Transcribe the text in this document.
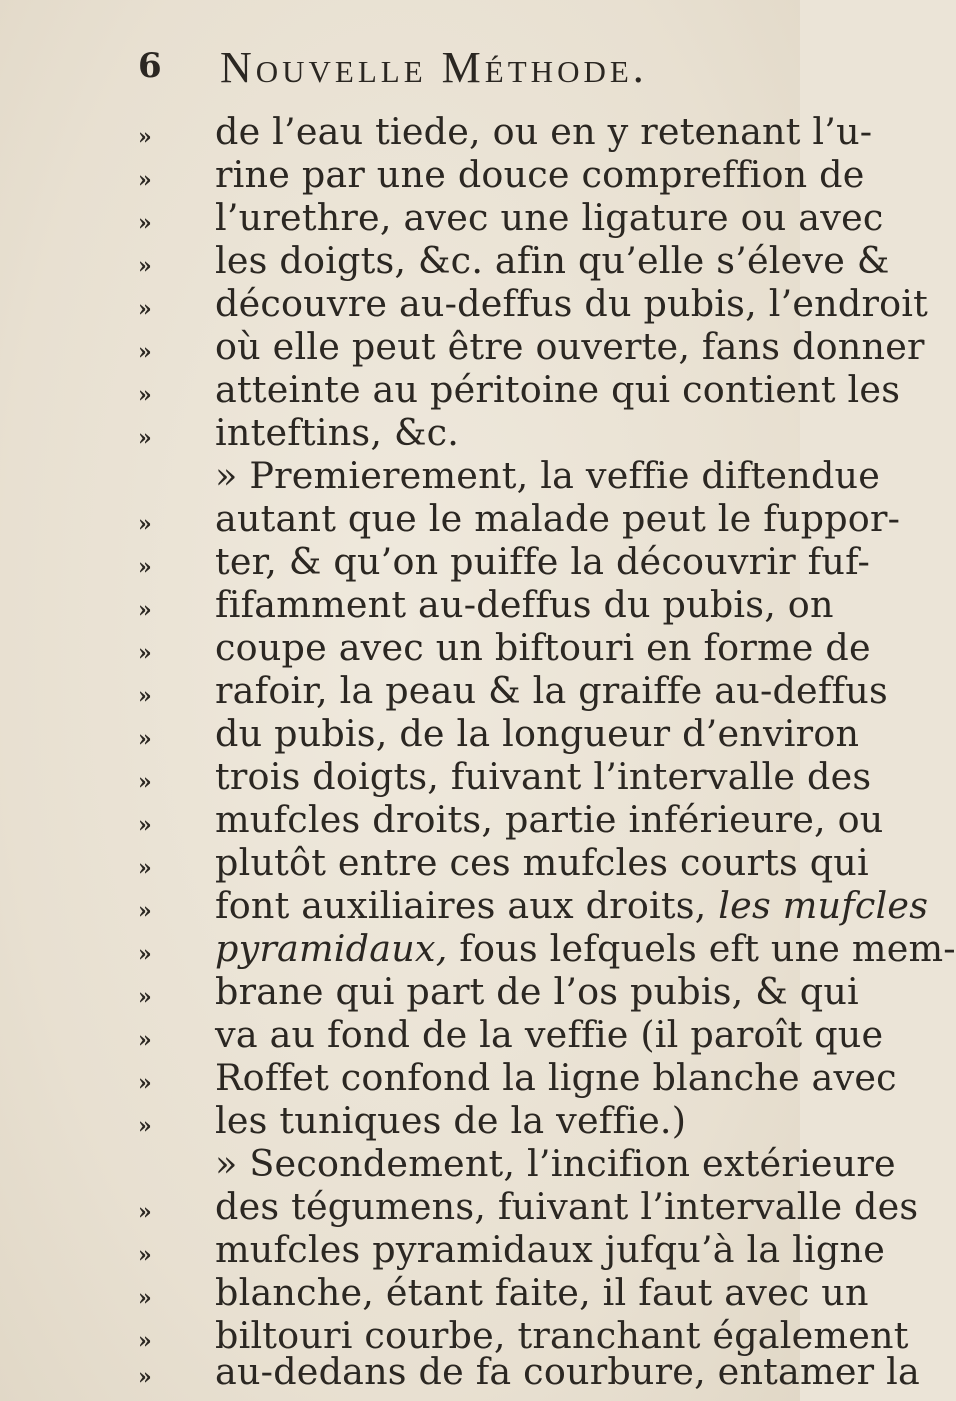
6 Nouvelle Méthode.
» de l’eau tiede, ou en y retenant l’u-
» rine par une douce compreffion de
» l’urethre, avec une ligature ou avec
» les doigts, &c. afin qu’elle s’éleve &
» découvre au-deffus du pubis, l’endroit
» où elle peut être ouverte, fans donner
» atteinte au péritoine qui contient les
» inteftins, &c.
» Premierement, la veffie diftendue
» autant que le malade peut le fuppor-
» ter, & qu’on puiffe la découvrir fuf-
» fifamment au-deffus du pubis, on
» coupe avec un biftouri en forme de
» rafoir, la peau & la graiffe au-deffus
» du pubis, de la longueur d’environ
» trois doigts, fuivant l’intervalle des
» mufcles droits, partie inférieure, ou
» plutôt entre ces mufcles courts qui
» font auxiliaires aux droits, les mufcles
» pyramidaux, fous lefquels eft une mem-
» brane qui part de l’os pubis, & qui
» va au fond de la veffie (il paroît que
» Roffet confond la ligne blanche avec
» les tuniques de la veffie.)
» Secondement, l’incifion extérieure
» des tégumens, fuivant l’intervalle des
» mufcles pyramidaux jufqu’à la ligne
» blanche, étant faite, il faut avec un
» biltouri courbe, tranchant également
» au-dedans de fa courbure, entamer la
